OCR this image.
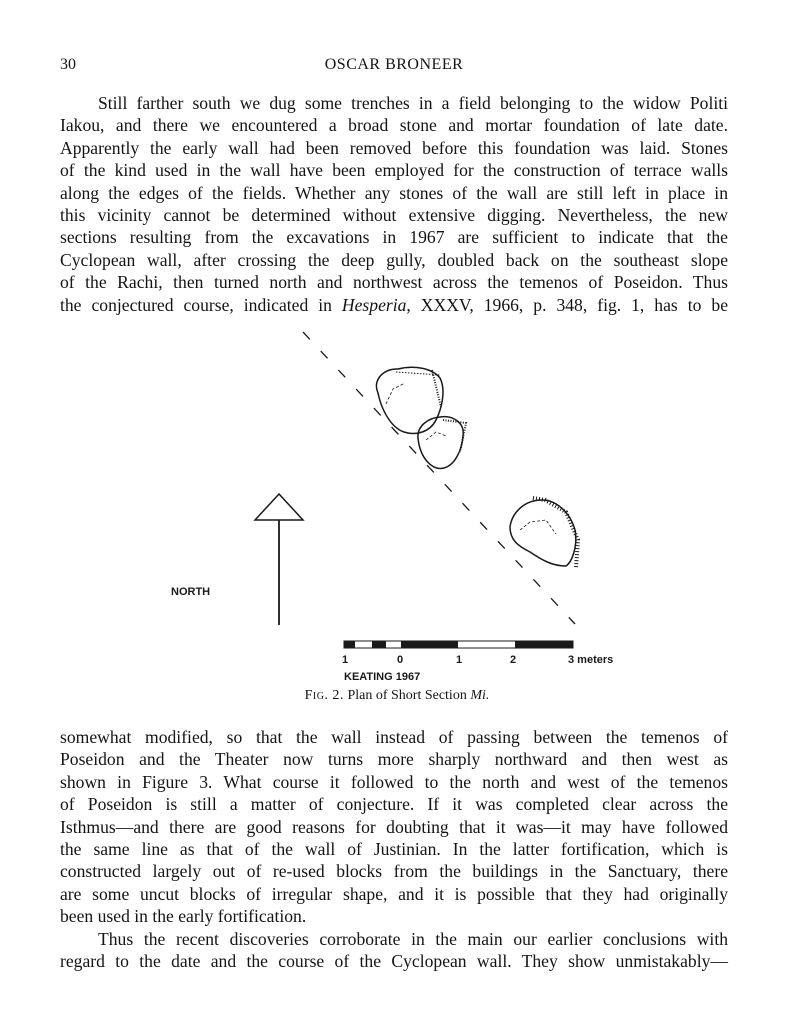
30	OSCAR BRONEER

Still farther south we dug some trenches in a field belonging to the widow Politi

Iakou, and there we encountered a broad stone and mortar foundation of late date.

Apparently the early wall had been removed before this foundation was laid. Stones

of the kind used in the wall have been employed for the construction of terrace walls

along the edges of the fields. Whether any stones of the wall are still left in place in

this vicinity cannot be determined without extensive digging. Nevertheless, the new

sections resulting from the excavations in 1967 are sufficient to indicate that the

Cyclopean wall, after crossing the deep gully, doubled back on the southeast slope

of the Rachi, then turned north and northwest across the temenos of Poseidon. Thus

the conjectured course, indicated in Hesperia, XXXV, 1966, p. 348, fig. 1, has to be

NORTH
1	0	1	2	3 meters
KEATING 1967
Fig. 2. Plan of Short Section Mi.

somewhat modified, so that the wall instead of passing between the temenos of

Poseidon and the Theater now turns more sharply northward and then west as

shown in Figure 3. What course it followed to the north and west of the temenos

of Poseidon is still a matter of conjecture. If it was completed clear across the

Isthmus—and there are good reasons for doubting that it was—it may have followed

the same line as that of the wall of Justinian. In the latter fortification, which is

constructed largely out of re-used blocks from the buildings in the Sanctuary, there

are some uncut blocks of irregular shape, and it is possible that they had originally

been used in the early fortification.

Thus the recent discoveries corroborate in the main our earlier conclusions with

regard to the date and the course of the Cyclopean wall. They show unmistakably—
